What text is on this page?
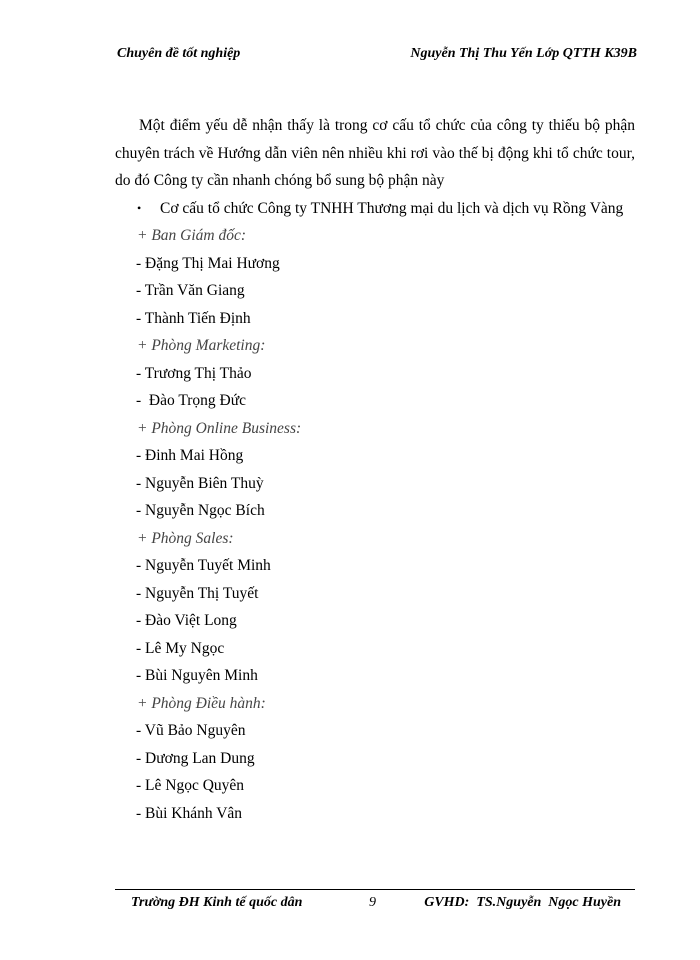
Chuyên đề tốt nghiệp	Nguyễn Thị Thu Yến Lớp QTTH K39B

Một điểm yếu dễ nhận thấy là trong cơ cấu tổ chức của công ty thiếu bộ phận chuyên trách về Hướng dẫn viên nên nhiều khi rơi vào thế bị động khi tổ chức tour, do đó Công ty cần nhanh chóng bổ sung bộ phận này

•	Cơ cấu tổ chức Công ty TNHH Thương mại du lịch và dịch vụ Rồng Vàng

+ Ban Giám đốc:
- Đặng Thị Mai Hương
- Trần Văn Giang
- Thành Tiến Định
+ Phòng Marketing:
- Trương Thị Thảo
-  Đào Trọng Đức
+ Phòng Online Business:
- Đinh Mai Hồng
- Nguyễn Biên Thuỳ
- Nguyễn Ngọc Bích
+ Phòng Sales:
- Nguyễn Tuyết Minh
- Nguyễn Thị Tuyết
- Đào Việt Long
- Lê My Ngọc
- Bùi Nguyên Minh
+ Phòng Điều hành:
- Vũ Bảo Nguyên
- Dương Lan Dung
- Lê Ngọc Quyên
- Bùi Khánh Vân
Trường ĐH Kinh tế quốc dân	9	GVHD:  TS.Nguyễn  Ngọc Huyền
